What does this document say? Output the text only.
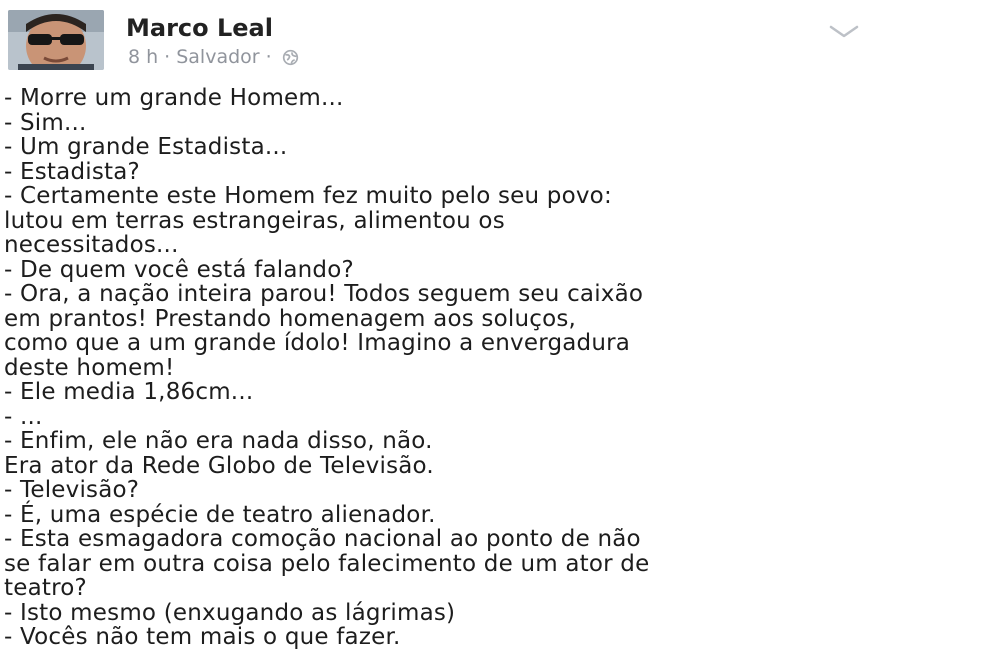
Marco Leal
8 h · Salvador ·
- Morre um grande Homem...
- Sim...
- Um grande Estadista...
- Estadista?
- Certamente este Homem fez muito pelo seu povo:
lutou em terras estrangeiras, alimentou os
necessitados...
- De quem você está falando?
- Ora, a nação inteira parou! Todos seguem seu caixão
em prantos! Prestando homenagem aos soluços,
como que a um grande ídolo! Imagino a envergadura
deste homem!
- Ele media 1,86cm...
- ...
- Enfim, ele não era nada disso, não.
Era ator da Rede Globo de Televisão.
- Televisão?
- É, uma espécie de teatro alienador.
- Esta esmagadora comoção nacional ao ponto de não
se falar em outra coisa pelo falecimento de um ator de
teatro?
- Isto mesmo (enxugando as lágrimas)
- Vocês não tem mais o que fazer.
